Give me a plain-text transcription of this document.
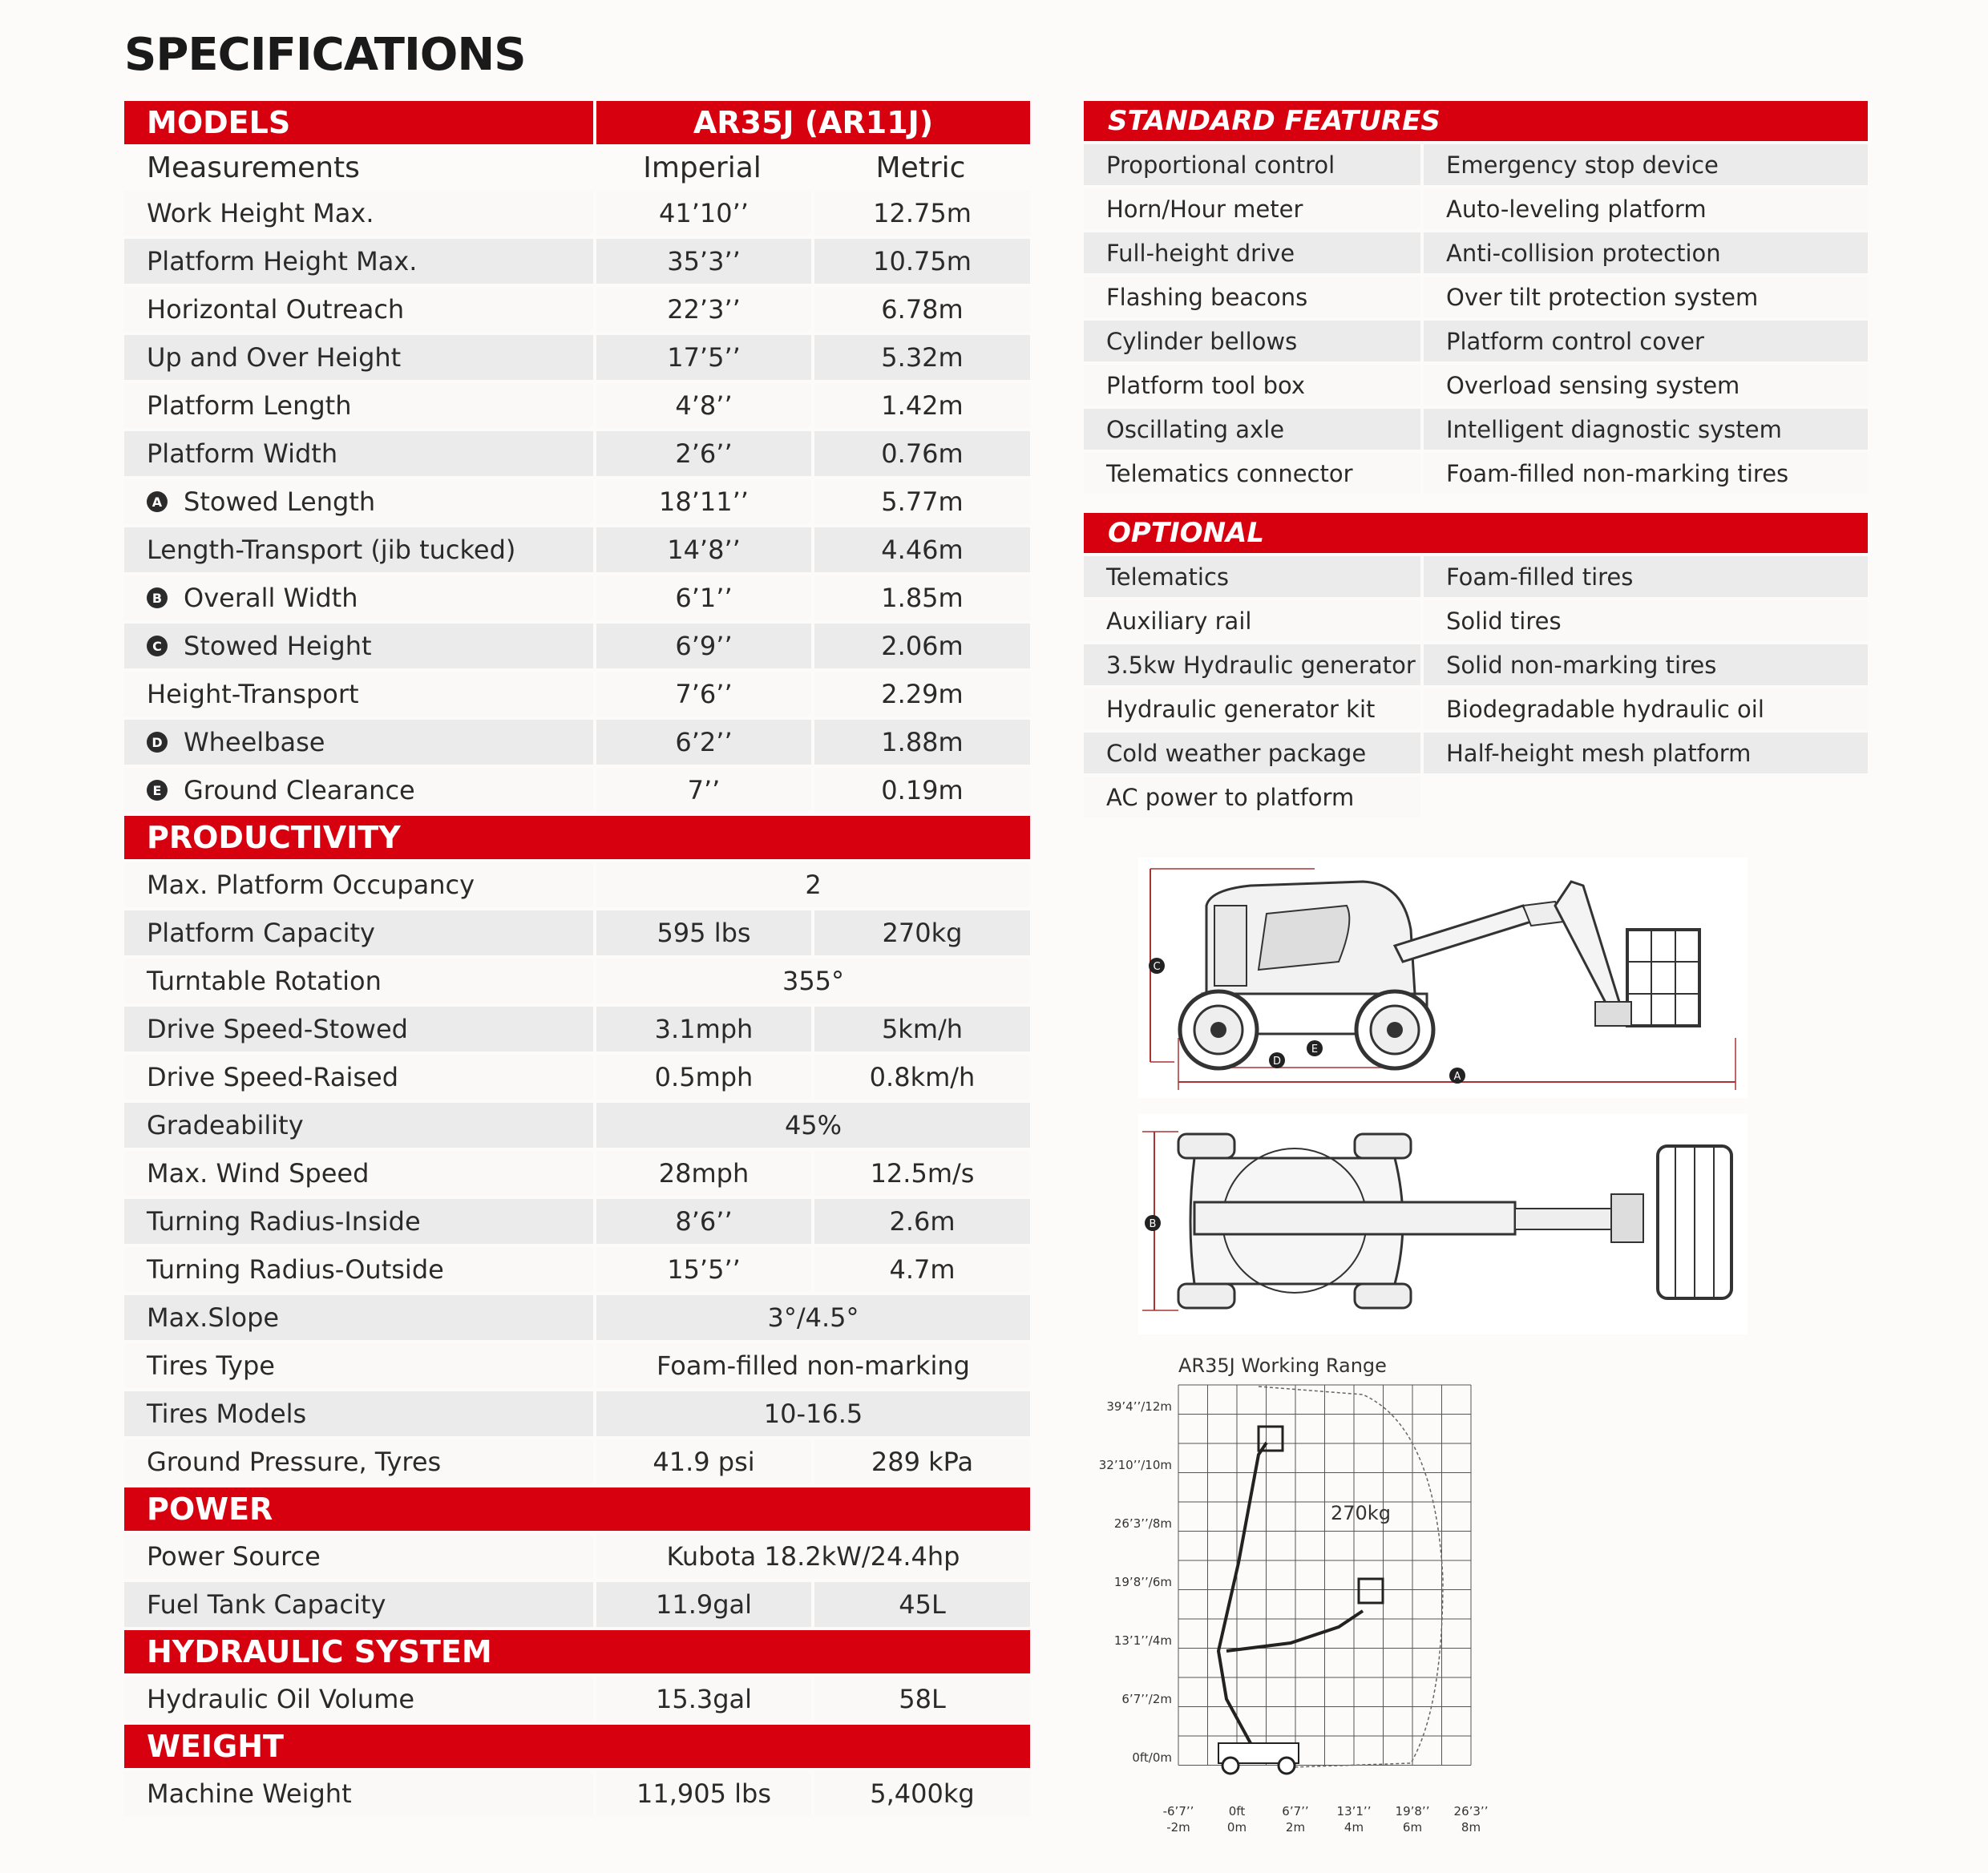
SPECIFICATIONS
MODELS	AR35J (AR11J)
Measurements	Imperial	Metric
Work Height Max.	41’10’’	12.75m
Platform Height Max.	35’3’’	10.75m
Horizontal Outreach	22’3’’	6.78m
Up and Over Height	17’5’’	5.32m
Platform Length	4’8’’	1.42m
Platform Width	2’6’’	0.76m
A Stowed Length	18’11’’	5.77m
Length-Transport (jib tucked)	14’8’’	4.46m
B Overall Width	6’1’’	1.85m
C Stowed Height	6’9’’	2.06m
Height-Transport	7’6’’	2.29m
D Wheelbase	6’2’’	1.88m
E Ground Clearance	7’’	0.19m
PRODUCTIVITY
Max. Platform Occupancy	2
Platform Capacity	595 lbs	270kg
Turntable Rotation	355°
Drive Speed-Stowed	3.1mph	5km/h
Drive Speed-Raised	0.5mph	0.8km/h
Gradeability	45%
Max. Wind Speed	28mph	12.5m/s
Turning Radius-Inside	8’6’’	2.6m
Turning Radius-Outside	15’5’’	4.7m
Max.Slope	3°/4.5°
Tires Type	Foam-filled non-marking
Tires Models	10-16.5
Ground Pressure, Tyres	41.9 psi	289 kPa
POWER
Power Source	Kubota 18.2kW/24.4hp
Fuel Tank Capacity	11.9gal	45L
HYDRAULIC SYSTEM
Hydraulic Oil Volume	15.3gal	58L
WEIGHT
Machine Weight	11,905 lbs	5,400kg
STANDARD FEATURES
Proportional control	Emergency stop device
Horn/Hour meter	Auto-leveling platform
Full-height drive	Anti-collision protection
Flashing beacons	Over tilt protection system
Cylinder bellows	Platform control cover
Platform tool box	Overload sensing system
Oscillating axle	Intelligent diagnostic system
Telematics connector	Foam-filled non-marking tires
OPTIONAL
Telematics	Foam-filled tires
Auxiliary rail	Solid tires
3.5kw Hydraulic generator	Solid non-marking tires
Hydraulic generator kit	Biodegradable hydraulic oil
Cold weather package	Half-height mesh platform
AC power to platform
C
D
E
A
B
AR35J Working Range
39’4’’/12m
32’10’’/10m
26’3’’/8m
19’8’’/6m
13’1’’/4m
6’7’’/2m
0ft/0m
-6’7’’
-2m
0ft
0m
6’7’’
2m
13’1’’
4m
19’8’’
6m
26’3’’
8m
270kg
